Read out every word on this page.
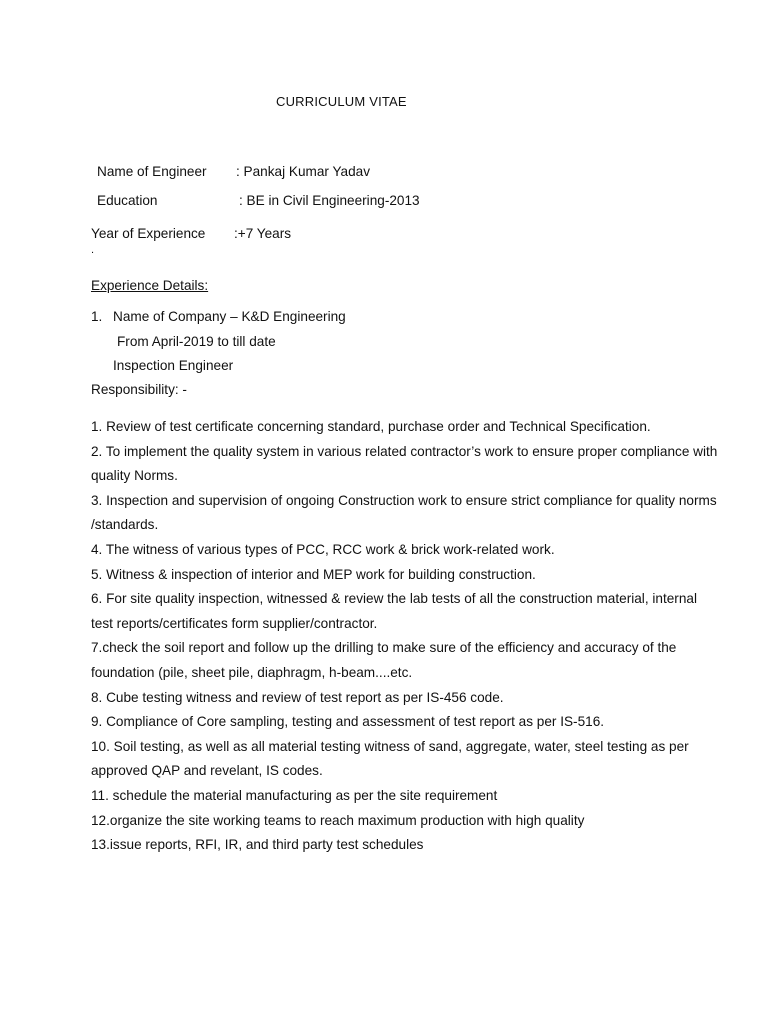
CURRICULUM VITAE
Name of Engineer : Pankaj Kumar Yadav
Education	: BE in Civil Engineering-2013
Year of Experience :+7 Years
.
Experience Details:
1. Name of Company – K&D Engineering
From April-2019 to till date
Inspection Engineer
Responsibility: -
1. Review of test certificate concerning standard, purchase order and Technical Specification.
2. To implement the quality system in various related contractor’s work to ensure proper compliance with quality Norms.
3. Inspection and supervision of ongoing Construction work to ensure strict compliance for quality norms /standards.
4. The witness of various types of PCC, RCC work & brick work-related work.
5. Witness & inspection of interior and MEP work for building construction.
6. For site quality inspection, witnessed & review the lab tests of all the construction material, internal test reports/certificates form supplier/contractor.
7.check the soil report and follow up the drilling to make sure of the efficiency and accuracy of the foundation (pile, sheet pile, diaphragm, h-beam....etc.
8. Cube testing witness and review of test report as per IS-456 code.
9. Compliance of Core sampling, testing and assessment of test report as per IS-516.
10. Soil testing, as well as all material testing witness of sand, aggregate, water, steel testing as per approved QAP and revelant, IS codes.
11. schedule the material manufacturing as per the site requirement
12.organize the site working teams to reach maximum production with high quality
13.issue reports, RFI, IR, and third party test schedules
